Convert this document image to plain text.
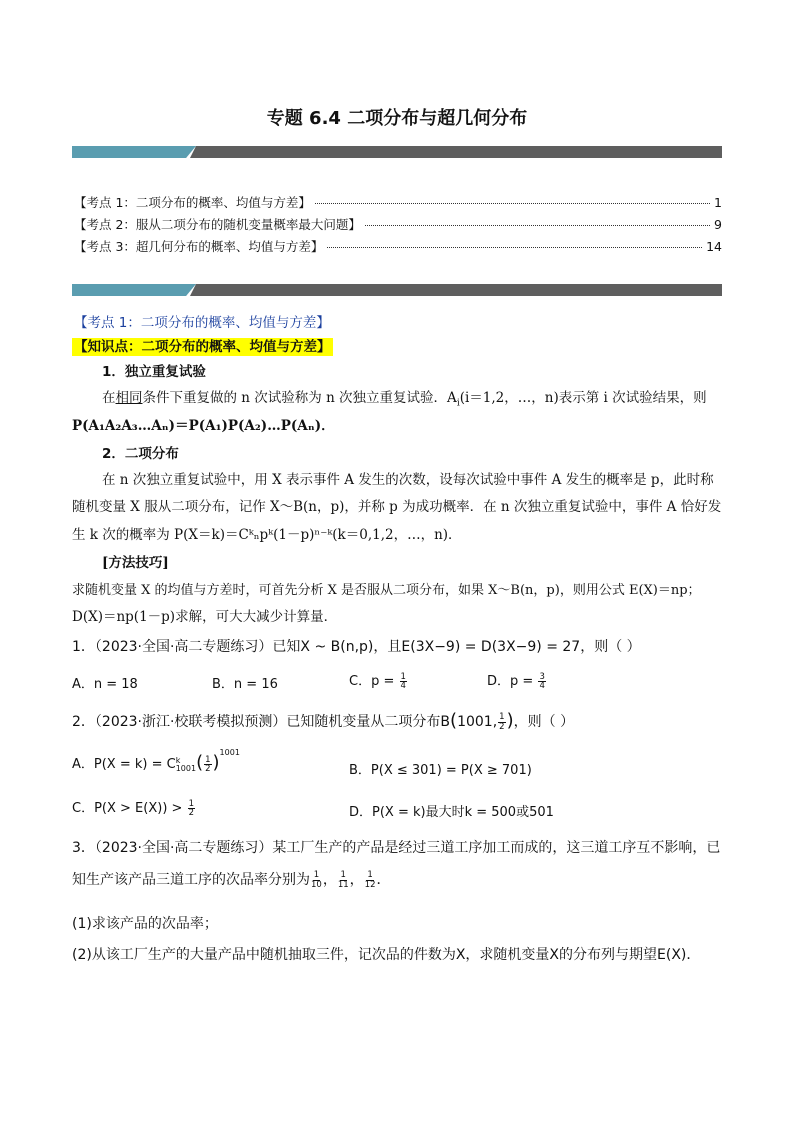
专题 6.4 二项分布与超几何分布
【考点 1：二项分布的概率、均值与方差】	1
【考点 2：服从二项分布的随机变量概率最大问题】	9
【考点 3：超几何分布的概率、均值与方差】	14
【考点 1：二项分布的概率、均值与方差】
【知识点：二项分布的概率、均值与方差】
1．独立重复试验
在相同条件下重复做的 n 次试验称为 n 次独立重复试验．$A_i(i=1,2$，…，n)表示第 i 次试验结果，则
P(A₁A₂A₃…Aₙ)＝P(A₁)P(A₂)…P(Aₙ)．
2．二项分布
在 n 次独立重复试验中，用 X 表示事件 A 发生的次数，设每次试验中事件 A 发生的概率是 p，此时称
随机变量 X 服从二项分布，记作 X～B(n，p)，并称 p 为成功概率．在 n 次独立重复试验中，事件 A 恰好发
生 k 次的概率为 P(X＝k)＝Cᵏₙpᵏ(1－p)ⁿ⁻ᵏ(k＝0,1,2，…，n)．
[方法技巧]
求随机变量 X 的均值与方差时，可首先分析 X 是否服从二项分布，如果 X～B(n，p)，则用公式 E(X)＝np；
D(X)＝np(1－p)求解，可大大减少计算量．
1．（2023·全国·高二专题练习）已知X ~ B(n,p)，且E(3X−9) = D(3X−9) = 27，则（ ）
A．n = 18	B．n = 16	C．$p = \frac{1}{4}$	D．$p = \frac{3}{4}$
2．（2023·浙江·校联考模拟预测）已知随机变量从二项分布B(1001, $\frac{1}{2}$ )，则（ ）
A．P(X = k) = C k
1001 ( $\frac{1}{2} )^{1001}$
B．P(X ≤ 301) = P(X ≥ 701)
C．$P(X > E(X)) > \frac{1}{2}$	D．P(X = k)最大时k = 500或501
3．（2023·全国·高二专题练习）某工厂生产的产品是经过三道工序加工而成的，这三道工序互不影响，已
知生产该产品三道工序的次品率分别为 $\frac{1}{10}$ ， $\frac{1}{11}$ ， $\frac{1}{12}$ ．
(1)求该产品的次品率；
(2)从该工厂生产的大量产品中随机抽取三件，记次品的件数为X，求随机变量X的分布列与期望E(X)．
